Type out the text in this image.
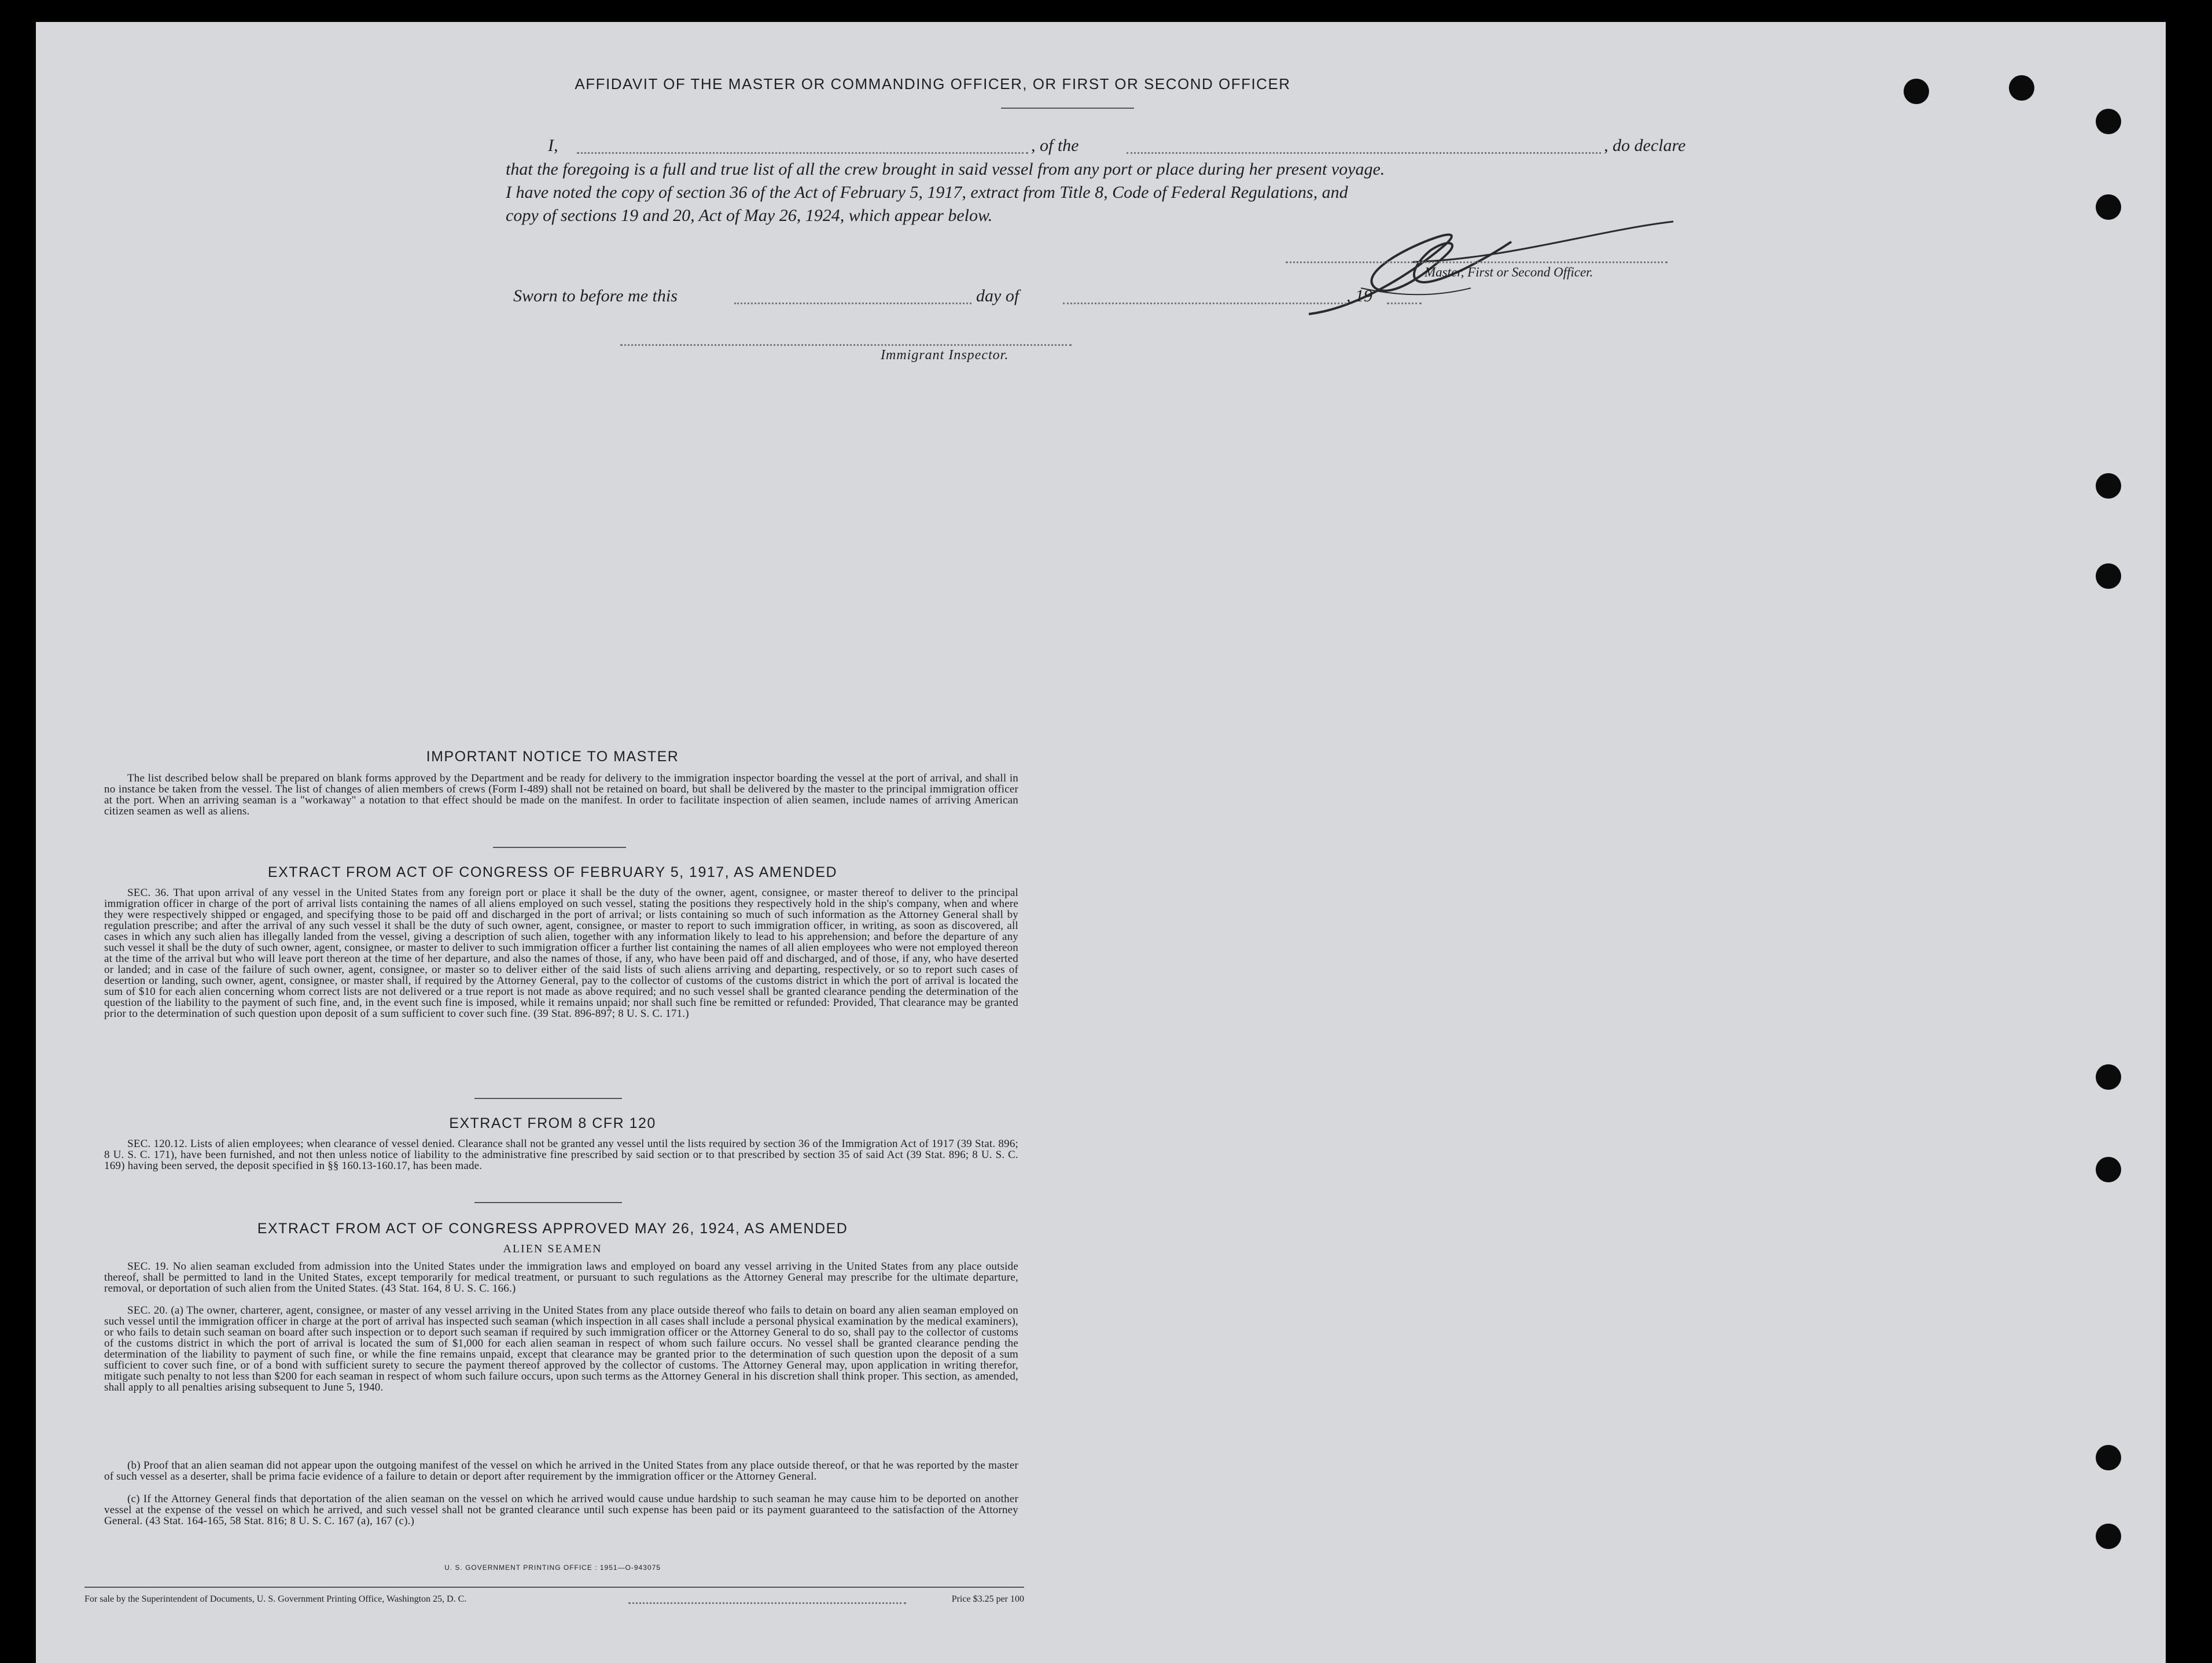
AFFIDAVIT OF THE MASTER OR COMMANDING OFFICER, OR FIRST OR SECOND OFFICER
I,	, of the	, do declare
that the foregoing is a full and true list of all the crew brought in said vessel from any port or place during her present voyage.
I have noted the copy of section 36 of the Act of February 5, 1917, extract from Title 8, Code of Federal Regulations, and
copy of sections 19 and 20, Act of May 26, 1924, which appear below.
Master, First or Second Officer.
Sworn to before me this	day of	, 19
Immigrant Inspector.
IMPORTANT NOTICE TO MASTER
The list described below shall be prepared on blank forms approved by the Department and be ready for delivery to the immigration inspector boarding the vessel at the port of arrival, and shall in no instance be taken from the vessel. The list of changes of alien members of crews (Form I-489) shall not be retained on board, but shall be delivered by the master to the principal immigration officer at the port. When an arriving seaman is a "workaway" a notation to that effect should be made on the manifest. In order to facilitate inspection of alien seamen, include names of arriving American citizen seamen as well as aliens.
EXTRACT FROM ACT OF CONGRESS OF FEBRUARY 5, 1917, AS AMENDED
SEC. 36. That upon arrival of any vessel in the United States from any foreign port or place it shall be the duty of the owner, agent, consignee, or master thereof to deliver to the principal immigration officer in charge of the port of arrival lists containing the names of all aliens employed on such vessel, stating the positions they respectively hold in the ship's company, when and where they were respectively shipped or engaged, and specifying those to be paid off and discharged in the port of arrival; or lists containing so much of such information as the Attorney General shall by regulation prescribe; and after the arrival of any such vessel it shall be the duty of such owner, agent, consignee, or master to report to such immigration officer, in writing, as soon as discovered, all cases in which any such alien has illegally landed from the vessel, giving a description of such alien, together with any information likely to lead to his apprehension; and before the departure of any such vessel it shall be the duty of such owner, agent, consignee, or master to deliver to such immigration officer a further list containing the names of all alien employees who were not employed thereon at the time of the arrival but who will leave port thereon at the time of her departure, and also the names of those, if any, who have been paid off and discharged, and of those, if any, who have deserted or landed; and in case of the failure of such owner, agent, consignee, or master so to deliver either of the said lists of such aliens arriving and departing, respectively, or so to report such cases of desertion or landing, such owner, agent, consignee, or master shall, if required by the Attorney General, pay to the collector of customs of the customs district in which the port of arrival is located the sum of $10 for each alien concerning whom correct lists are not delivered or a true report is not made as above required; and no such vessel shall be granted clearance pending the determination of the question of the liability to the payment of such fine, and, in the event such fine is imposed, while it remains unpaid; nor shall such fine be remitted or refunded: Provided, That clearance may be granted prior to the determination of such question upon deposit of a sum sufficient to cover such fine. (39 Stat. 896-897; 8 U. S. C. 171.)
EXTRACT FROM 8 CFR 120
SEC. 120.12. Lists of alien employees; when clearance of vessel denied. Clearance shall not be granted any vessel until the lists required by section 36 of the Immigration Act of 1917 (39 Stat. 896; 8 U. S. C. 171), have been furnished, and not then unless notice of liability to the administrative fine prescribed by said section or to that prescribed by section 35 of said Act (39 Stat. 896; 8 U. S. C. 169) having been served, the deposit specified in §§ 160.13-160.17, has been made.
EXTRACT FROM ACT OF CONGRESS APPROVED MAY 26, 1924, AS AMENDED
ALIEN SEAMEN
SEC. 19. No alien seaman excluded from admission into the United States under the immigration laws and employed on board any vessel arriving in the United States from any place outside thereof, shall be permitted to land in the United States, except temporarily for medical treatment, or pursuant to such regulations as the Attorney General may prescribe for the ultimate departure, removal, or deportation of such alien from the United States. (43 Stat. 164, 8 U. S. C. 166.)
SEC. 20. (a) The owner, charterer, agent, consignee, or master of any vessel arriving in the United States from any place outside thereof who fails to detain on board any alien seaman employed on such vessel until the immigration officer in charge at the port of arrival has inspected such seaman (which inspection in all cases shall include a personal physical examination by the medical examiners), or who fails to detain such seaman on board after such inspection or to deport such seaman if required by such immigration officer or the Attorney General to do so, shall pay to the collector of customs of the customs district in which the port of arrival is located the sum of $1,000 for each alien seaman in respect of whom such failure occurs. No vessel shall be granted clearance pending the determination of the liability to payment of such fine, or while the fine remains unpaid, except that clearance may be granted prior to the determination of such question upon the deposit of a sum sufficient to cover such fine, or of a bond with sufficient surety to secure the payment thereof approved by the collector of customs. The Attorney General may, upon application in writing therefor, mitigate such penalty to not less than $200 for each seaman in respect of whom such failure occurs, upon such terms as the Attorney General in his discretion shall think proper. This section, as amended, shall apply to all penalties arising subsequent to June 5, 1940.
(b) Proof that an alien seaman did not appear upon the outgoing manifest of the vessel on which he arrived in the United States from any place outside thereof, or that he was reported by the master of such vessel as a deserter, shall be prima facie evidence of a failure to detain or deport after requirement by the immigration officer or the Attorney General.
(c) If the Attorney General finds that deportation of the alien seaman on the vessel on which he arrived would cause undue hardship to such seaman he may cause him to be deported on another vessel at the expense of the vessel on which he arrived, and such vessel shall not be granted clearance until such expense has been paid or its payment guaranteed to the satisfaction of the Attorney General. (43 Stat. 164-165, 58 Stat. 816; 8 U. S. C. 167 (a), 167 (c).)
U. S. GOVERNMENT PRINTING OFFICE : 1951—O-943075
For sale by the Superintendent of Documents, U. S. Government Printing Office, Washington 25, D. C.	Price $3.25 per 100
